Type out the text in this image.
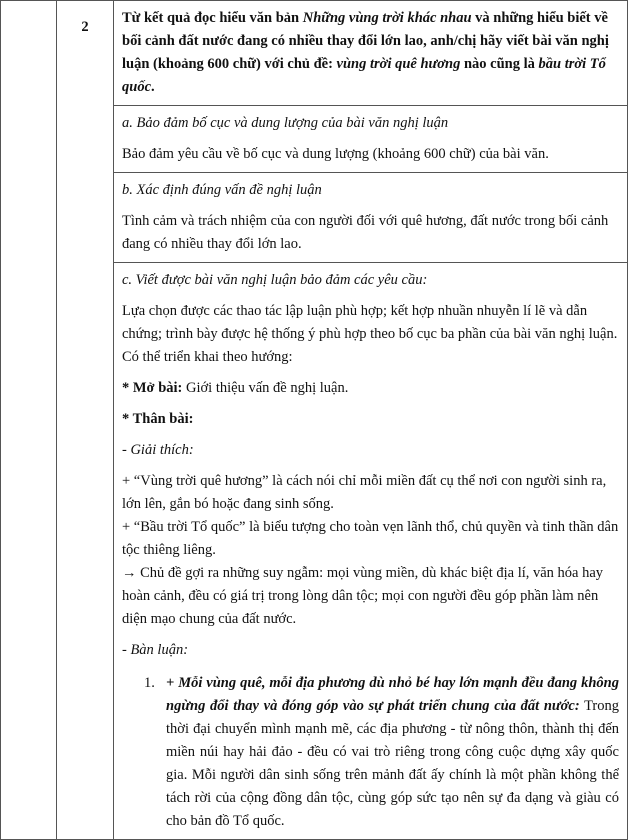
	2	
Từ kết quả đọc hiểu văn bản Những vùng trời khác nhau và những hiểu biết về bối cảnh đất nước đang có nhiều thay đổi lớn lao, anh/chị hãy viết bài văn nghị luận (khoảng 600 chữ) với chủ đề: vùng trời quê hương nào cũng là bầu trời Tổ quốc.

a. Bảo đảm bố cục và dung lượng của bài văn nghị luận

Bảo đảm yêu cầu về bố cục và dung lượng (khoảng 600 chữ) của bài văn.

b. Xác định đúng vấn đề nghị luận

Tình cảm và trách nhiệm của con người đối với quê hương, đất nước trong bối cảnh đang có nhiều thay đổi lớn lao.

c. Viết được bài văn nghị luận bảo đảm các yêu cầu:

Lựa chọn được các thao tác lập luận phù hợp; kết hợp nhuần nhuyễn lí lẽ và dẫn chứng; trình bày được hệ thống ý phù hợp theo bố cục ba phần của bài văn nghị luận. Có thể triển khai theo hướng:

* Mở bài: Giới thiệu vấn đề nghị luận.

* Thân bài:

- Giải thích:

+ “Vùng trời quê hương” là cách nói chỉ mỗi miền đất cụ thể nơi con người sinh ra, lớn lên, gắn bó hoặc đang sinh sống.

+ “Bầu trời Tổ quốc” là biểu tượng cho toàn vẹn lãnh thổ, chủ quyền và tinh thần dân tộc thiêng liêng.

→ Chủ đề gợi ra những suy ngẫm: mọi vùng miền, dù khác biệt địa lí, văn hóa hay hoàn cảnh, đều có giá trị trong lòng dân tộc; mọi con người đều góp phần làm nên diện mạo chung của đất nước.

- Bàn luận:

1. + Mỗi vùng quê, mỗi địa phương dù nhỏ bé hay lớn mạnh đều đang không ngừng đổi thay và đóng góp vào sự phát triển chung của đất nước: Trong thời đại chuyển mình mạnh mẽ, các địa phương - từ nông thôn, thành thị đến miền núi hay hải đảo - đều có vai trò riêng trong công cuộc dựng xây quốc gia. Mỗi người dân sinh sống trên mảnh đất ấy chính là một phần không thể tách rời của cộng đồng dân tộc, cùng góp sức tạo nên sự đa dạng và giàu có cho bản đồ Tổ quốc.
